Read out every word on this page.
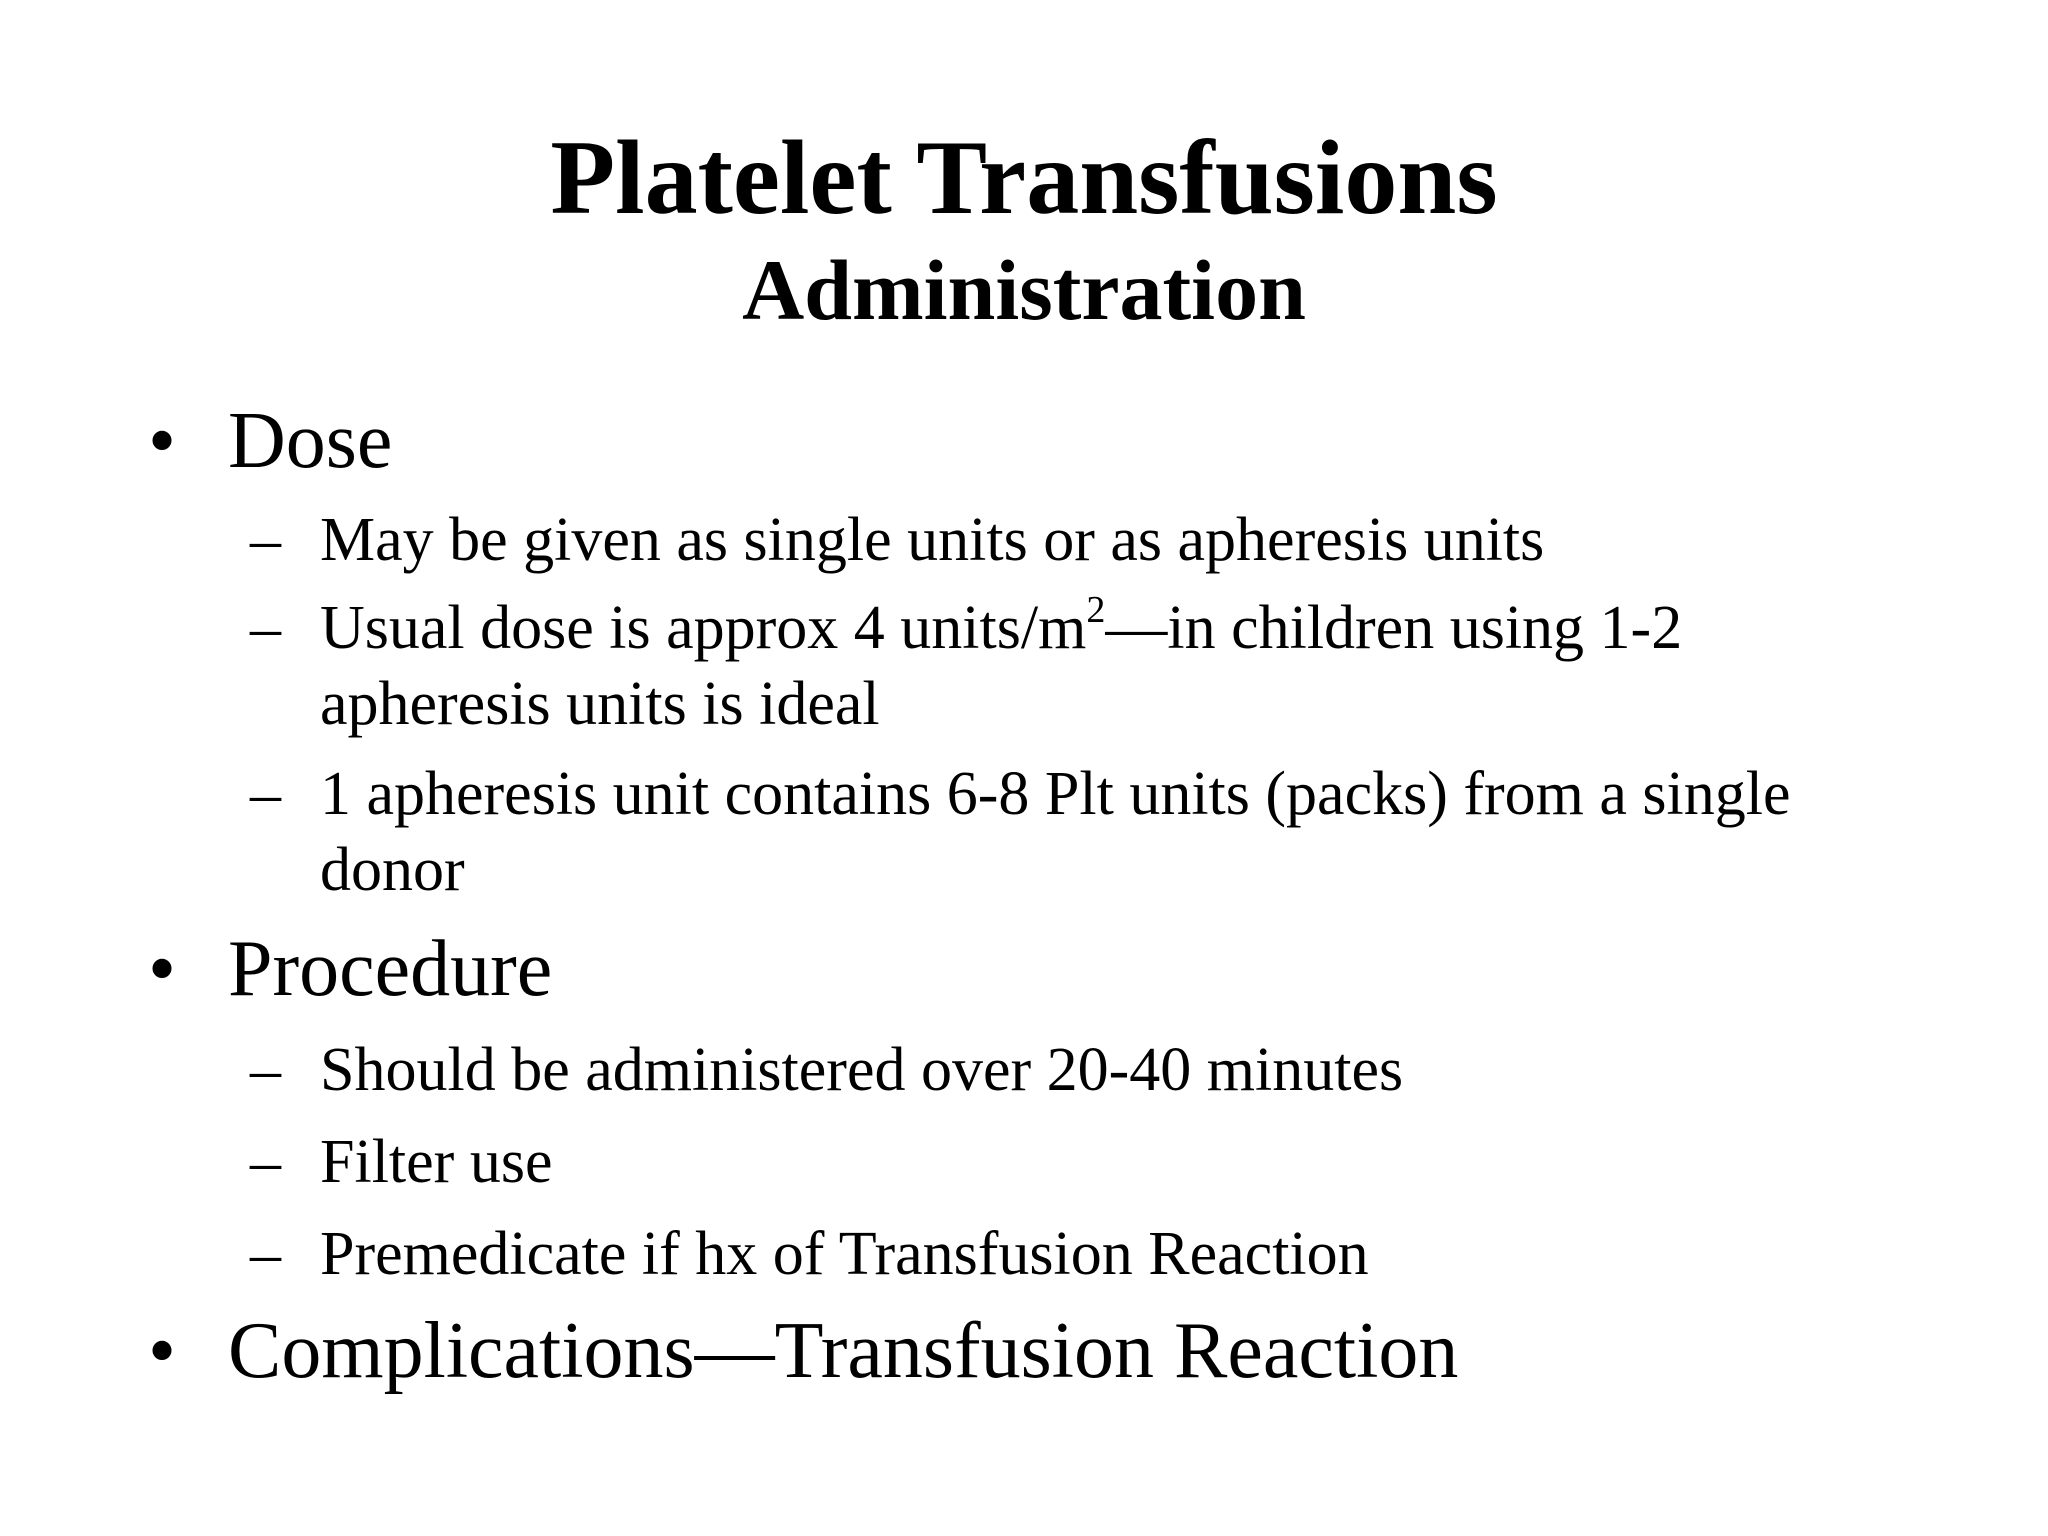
Platelet Transfusions
Administration
• Dose
– May be given as single units or as apheresis units
– Usual dose is approx 4 units/$m^2—in$ children using 1-2 apheresis units is ideal
– 1 apheresis unit contains 6-8 Plt units (packs) from a single donor
• Procedure
– Should be administered over 20-40 minutes
– Filter use
– Premedicate if hx of Transfusion Reaction
• Complications—Transfusion Reaction
